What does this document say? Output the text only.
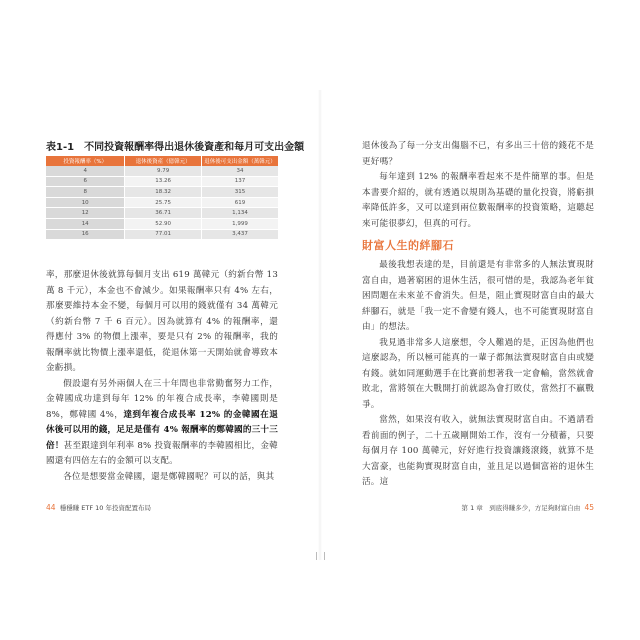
表1-1 不同投資報酬率得出退休後資產和每月可支出金額
投資報酬率（%）	退休後資產（億韓元）	退休後可支出金額（萬韓元）
4	9.79	34
6	13.26	137
8	18.32	315
10	25.75	619
12	36.71	1,134
14	52.90	1,999
16	77.01	3,437

率，那麼退休後就算每個月支出 619 萬韓元（約新台幣 13 萬 8 千元），本金也不會減少。如果報酬率只有 4% 左右，那麼要維持本金不變，每個月可以用的錢就僅有 34 萬韓元（約新台幣 7 千 6 百元）。因為就算有 4% 的報酬率，還得應付 3% 的物價上漲率，要是只有 2% 的報酬率，我的報酬率就比物價上漲率還低，從退休第一天開始就會導致本金虧損。

假設還有另外兩個人在三十年間也非常勤奮努力工作，金韓國成功達到每年 12% 的年複合成長率，李韓國則是 8%，鄭韓國 4%，達到年複合成長率 12% 的金韓國在退休後可以用的錢，足足是僅有 4% 報酬率的鄭韓國的三十三倍！甚至跟達到年利率 8% 投資報酬率的李韓國相比，金韓國還有四倍左右的金額可以支配。

各位是想要當金韓國，還是鄭韓國呢？可以的話，與其

44 穩穩賺 ETF 10 年投資配置布局

退休後為了每一分支出傷腦不已，有多出三十倍的錢花不是更好嗎？

每年達到 12% 的報酬率看起來不是件簡單的事。但是本書要介紹的，就有透過以規則為基礎的量化投資，將虧損率降低許多，又可以達到兩位數報酬率的投資策略，這聽起來可能很夢幻，但真的可行。

財富人生的絆腳石

最後我想表達的是，目前還是有非常多的人無法實現財富自由，過著窮困的退休生活，很可惜的是，我認為老年貧困問題在未來並不會消失。但是，阻止實現財富自由的最大絆腳石，就是「我一定不會變有錢人，也不可能實現財富自由」的想法。

我見過非常多人這麼想，令人難過的是，正因為他們也這麼認為，所以極可能真的一輩子都無法實現財富自由或變有錢。就如同運動選手在比賽前想著我一定會輸，當然就會敗北，當將領在大戰開打前就認為會打敗仗，當然打不贏戰爭。

當然，如果沒有收入，就無法實現財富自由。不過請看看前面的例子，二十五歲剛開始工作，沒有一分積蓄，只要每個月存 100 萬韓元，好好進行投資讓錢滾錢，就算不是大富豪，也能夠實現財富自由，並且足以過個富裕的退休生活。這

第 1 章　到底得賺多少，方足夠財富自由 45
